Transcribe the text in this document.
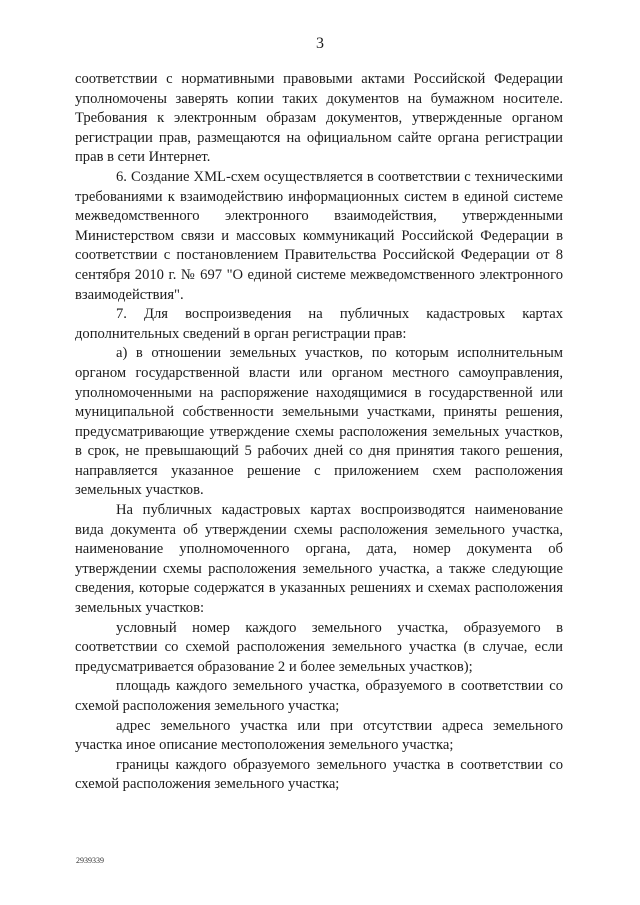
3

соответствии с нормативными правовыми актами Российской Федерации уполномочены заверять копии таких документов на бумажном носителе. Требования к электронным образам документов, утвержденные органом регистрации прав, размещаются на официальном сайте органа регистрации прав в сети Интернет.

6. Создание XML-схем осуществляется в соответствии с техническими требованиями к взаимодействию информационных систем в единой системе межведомственного электронного взаимодействия, утвержденными Министерством связи и массовых коммуникаций Российской Федерации в соответствии с постановлением Правительства Российской Федерации от 8 сентября 2010 г. № 697 "О единой системе межведомственного электронного взаимодействия".

7. Для воспроизведения на публичных кадастровых картах дополнительных сведений в орган регистрации прав:

а) в отношении земельных участков, по которым исполнительным органом государственной власти или органом местного самоуправления, уполномоченными на распоряжение находящимися в государственной или муниципальной собственности земельными участками, приняты решения, предусматривающие утверждение схемы расположения земельных участков, в срок, не превышающий 5 рабочих дней со дня принятия такого решения, направляется указанное решение с приложением схем расположения земельных участков.

На публичных кадастровых картах воспроизводятся наименование вида документа об утверждении схемы расположения земельного участка, наименование уполномоченного органа, дата, номер документа об утверждении схемы расположения земельного участка, а также следующие сведения, которые содержатся в указанных решениях и схемах расположения земельных участков:

условный номер каждого земельного участка, образуемого в соответствии со схемой расположения земельного участка (в случае, если предусматривается образование 2 и более земельных участков);

площадь каждого земельного участка, образуемого в соответствии со схемой расположения земельного участка;

адрес земельного участка или при отсутствии адреса земельного участка иное описание местоположения земельного участка;

границы каждого образуемого земельного участка в соответствии со схемой расположения земельного участка;

2939339
